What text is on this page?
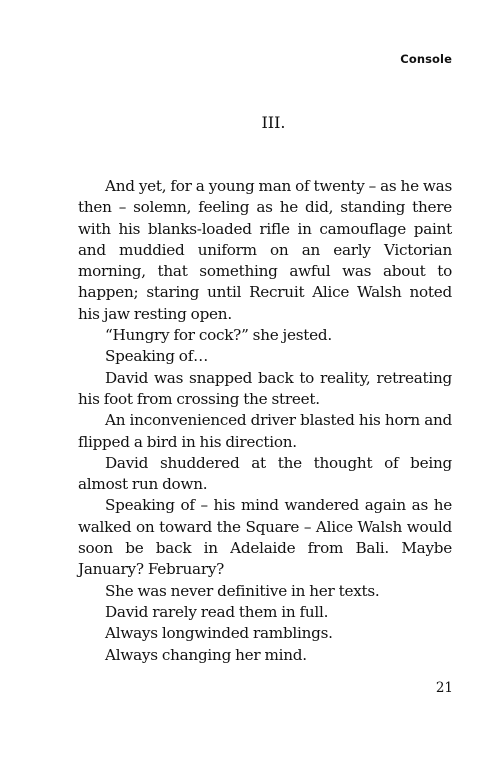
Console
III.

And yet, for a young man of twenty – as he was then – solemn, feeling as he did, standing there with his blanks-loaded rifle in camouflage paint and muddied uniform on an early Victorian morning, that something awful was about to happen; staring until Recruit Alice Walsh noted his jaw resting open.

“Hungry for cock?” she jested.

Speaking of…

David was snapped back to reality, retreating his foot from crossing the street.

An inconvenienced driver blasted his horn and flipped a bird in his direction.

David shuddered at the thought of being almost run down.

Speaking of – his mind wandered again as he walked on toward the Square – Alice Walsh would soon be back in Adelaide from Bali. Maybe January? February?

She was never definitive in her texts.

David rarely read them in full.

Always longwinded ramblings.

Always changing her mind.

21
